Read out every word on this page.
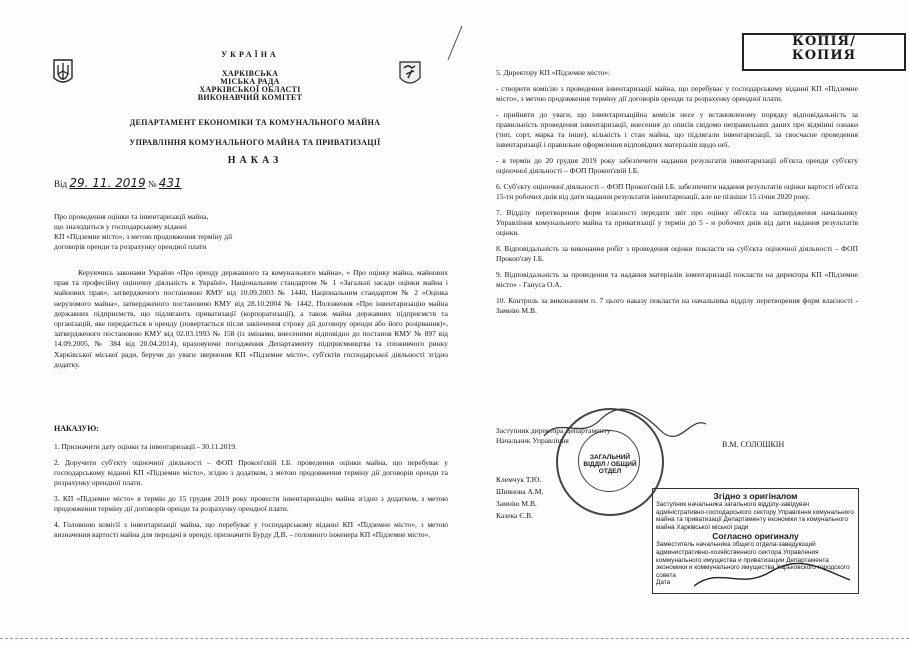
УКРАЇНА
ХАРКІВСЬКА
МІСЬКА РАДА
ХАРКІВСЬКОЇ ОБЛАСТІ
ВИКОНАВЧИЙ КОМІТЕТ
ДЕПАРТАМЕНТ ЕКОНОМІКИ ТА КОМУНАЛЬНОГО МАЙНА
УПРАВЛІННЯ КОМУНАЛЬНОГО МАЙНА ТА ПРИВАТИЗАЦІЇ
НАКАЗ
Від 29. 11. 2019 № 431
Про проведення оцінки та інвентаризації майна,
що знаходиться у господарському віданні
КП «Підземне місто», з метою продовження терміну дії
договорів оренди та розрахунку орендної плати
Керуючись законами України «Про оренду державного та комунального майна», « Про оцінку майна, майнових прав та професійну оціночну діяльність в Україні», Національним стандартом № 1 «Загальні засади оцінки майна і майнових прав», затвердженого постановою КМУ від 10.09.2003 № 1440, Національним стандартом № 2 «Оцінка нерухомого майна», затвердженого постановою КМУ від 28.10.2004 № 1442, Положення «Про інвентаризацію майна державних підприємств, що підлягають приватизації (корпоратизації), а також майна державних підприємств та організацій, яке передається в оренду (повертається після закінчення строку дії договору оренди або його розірвання)», затвердженого постановою КМУ від 02.03.1993 № 158 (із змінами, внесеними відповідно до постанов КМУ № 897 від 14.09.2005, № 384 від 20.04.2014), враховуючи погодження Департаменту підприємництва та споживчого ринку Харківської міської ради, беручи до уваги звернення КП «Підземне місто», суб'єктів господарської діяльності згідно додатку.
НАКАЗУЮ:

1. Призначити дату оцінки та інвентаризації - 30.11.2019.

2. Доручити суб'єкту оціночної діяльності – ФОП Прокоп'євій І.Б. проведення оцінки майна, що перебуває у господарському віданні КП «Підземне місто», згідно з додатком, з метою продовження терміну дії договорів оренди та розрахунку орендної плати.

3. КП «Підземне місто» в термін до 15 грудня 2019 року провести інвентаризацію майна згідно з додатком, з метою продовження терміну дії договорів оренди та розрахунку орендної плати.

4. Головною комісії з інвентаризації майна, що перебуває у господарському віданні КП «Підземне місто», з метою визначення вартості майна для передачі в оренду, призначити Бурду Д.В. – головного інженера КП «Підземне місто».

КОПІЯ/
КОПИЯ

5. Директору КП «Підземне місто»:

- створити комісію з проведення інвентаризації майна, що перебуває у господарському віданні КП «Підземне місто», з метою продовження терміну дії договорів оренди та розрахунку орендної плати.

- прийняти до уваги, що інвентаризаційна комісія несе у встановленому порядку відповідальність за правильність проведення інвентаризації, внесення до описів свідомо неправильних даних про відмінні ознаки (тип, сорт, марка та інше), кількість і стан майна, що підлягали інвентаризації, за свосчасне проведення інвентаризації і правильне оформлення відповідних матеріалів щодо неї.

- в термін до 20 грудня 2019 року забезпечити надання результатів інвентаризації об'єкта оренди суб'єкту оціночної діяльності – ФОП Прокоп'євій І.Б.

6. Суб'єкту оціночної діяльності – ФОП Прокоп'євій І.Б. забезпечити надання результатів оцінки вартості об'єкта 15-ти робочих днів від дати надання результатів інвентаризації, але не пізніше 15 січня 2020 року.

7. Відділу перетворення форм власності передати звіт про оцінку об'єкта на затвердження начальнику Управління комунального майна та приватизації у термін до 5 - и робочих днів від дати надання результатів оцінки.

8. Відповідальність за виконання робіт з проведення оцінки покласти на суб'єкта оціночної діяльності – ФОП Прокоп'єву І.Б.

9. Відповідальність за проведення та надання матеріалів інвентаризації покласти на директора КП «Підземне місто» - Гануса О.А.

10. Контроль за виконанням п. 7 цього наказу покласти на начальника відділу перетворення форм власності - Замнію М.В.

Заступник директора Департаменту –
Начальник Управління	В.М. СОЛОШКІН
Клемчук Т.Ю.
Шиянова А.М.
Замнію М.В.
Казека Є.В.
ЗАГАЛЬНИЙ ВІДДІЛ / ОБЩИЙ ОТДЕЛ
Згідно з оригіналом
Заступник начальника загального відділу-завідувач адміністративно-господарського сектору Управління комунального майна та приватизації Департаменту економіки та комунального майна Харківської міської ради
Согласно оригиналу
Заместитель начальника общего отдела-заведующий административно-хозяйственного сектора Управления коммунального имущества и приватизации Департамента экономики и коммунального имущества Харьковского городского совета
Дата
